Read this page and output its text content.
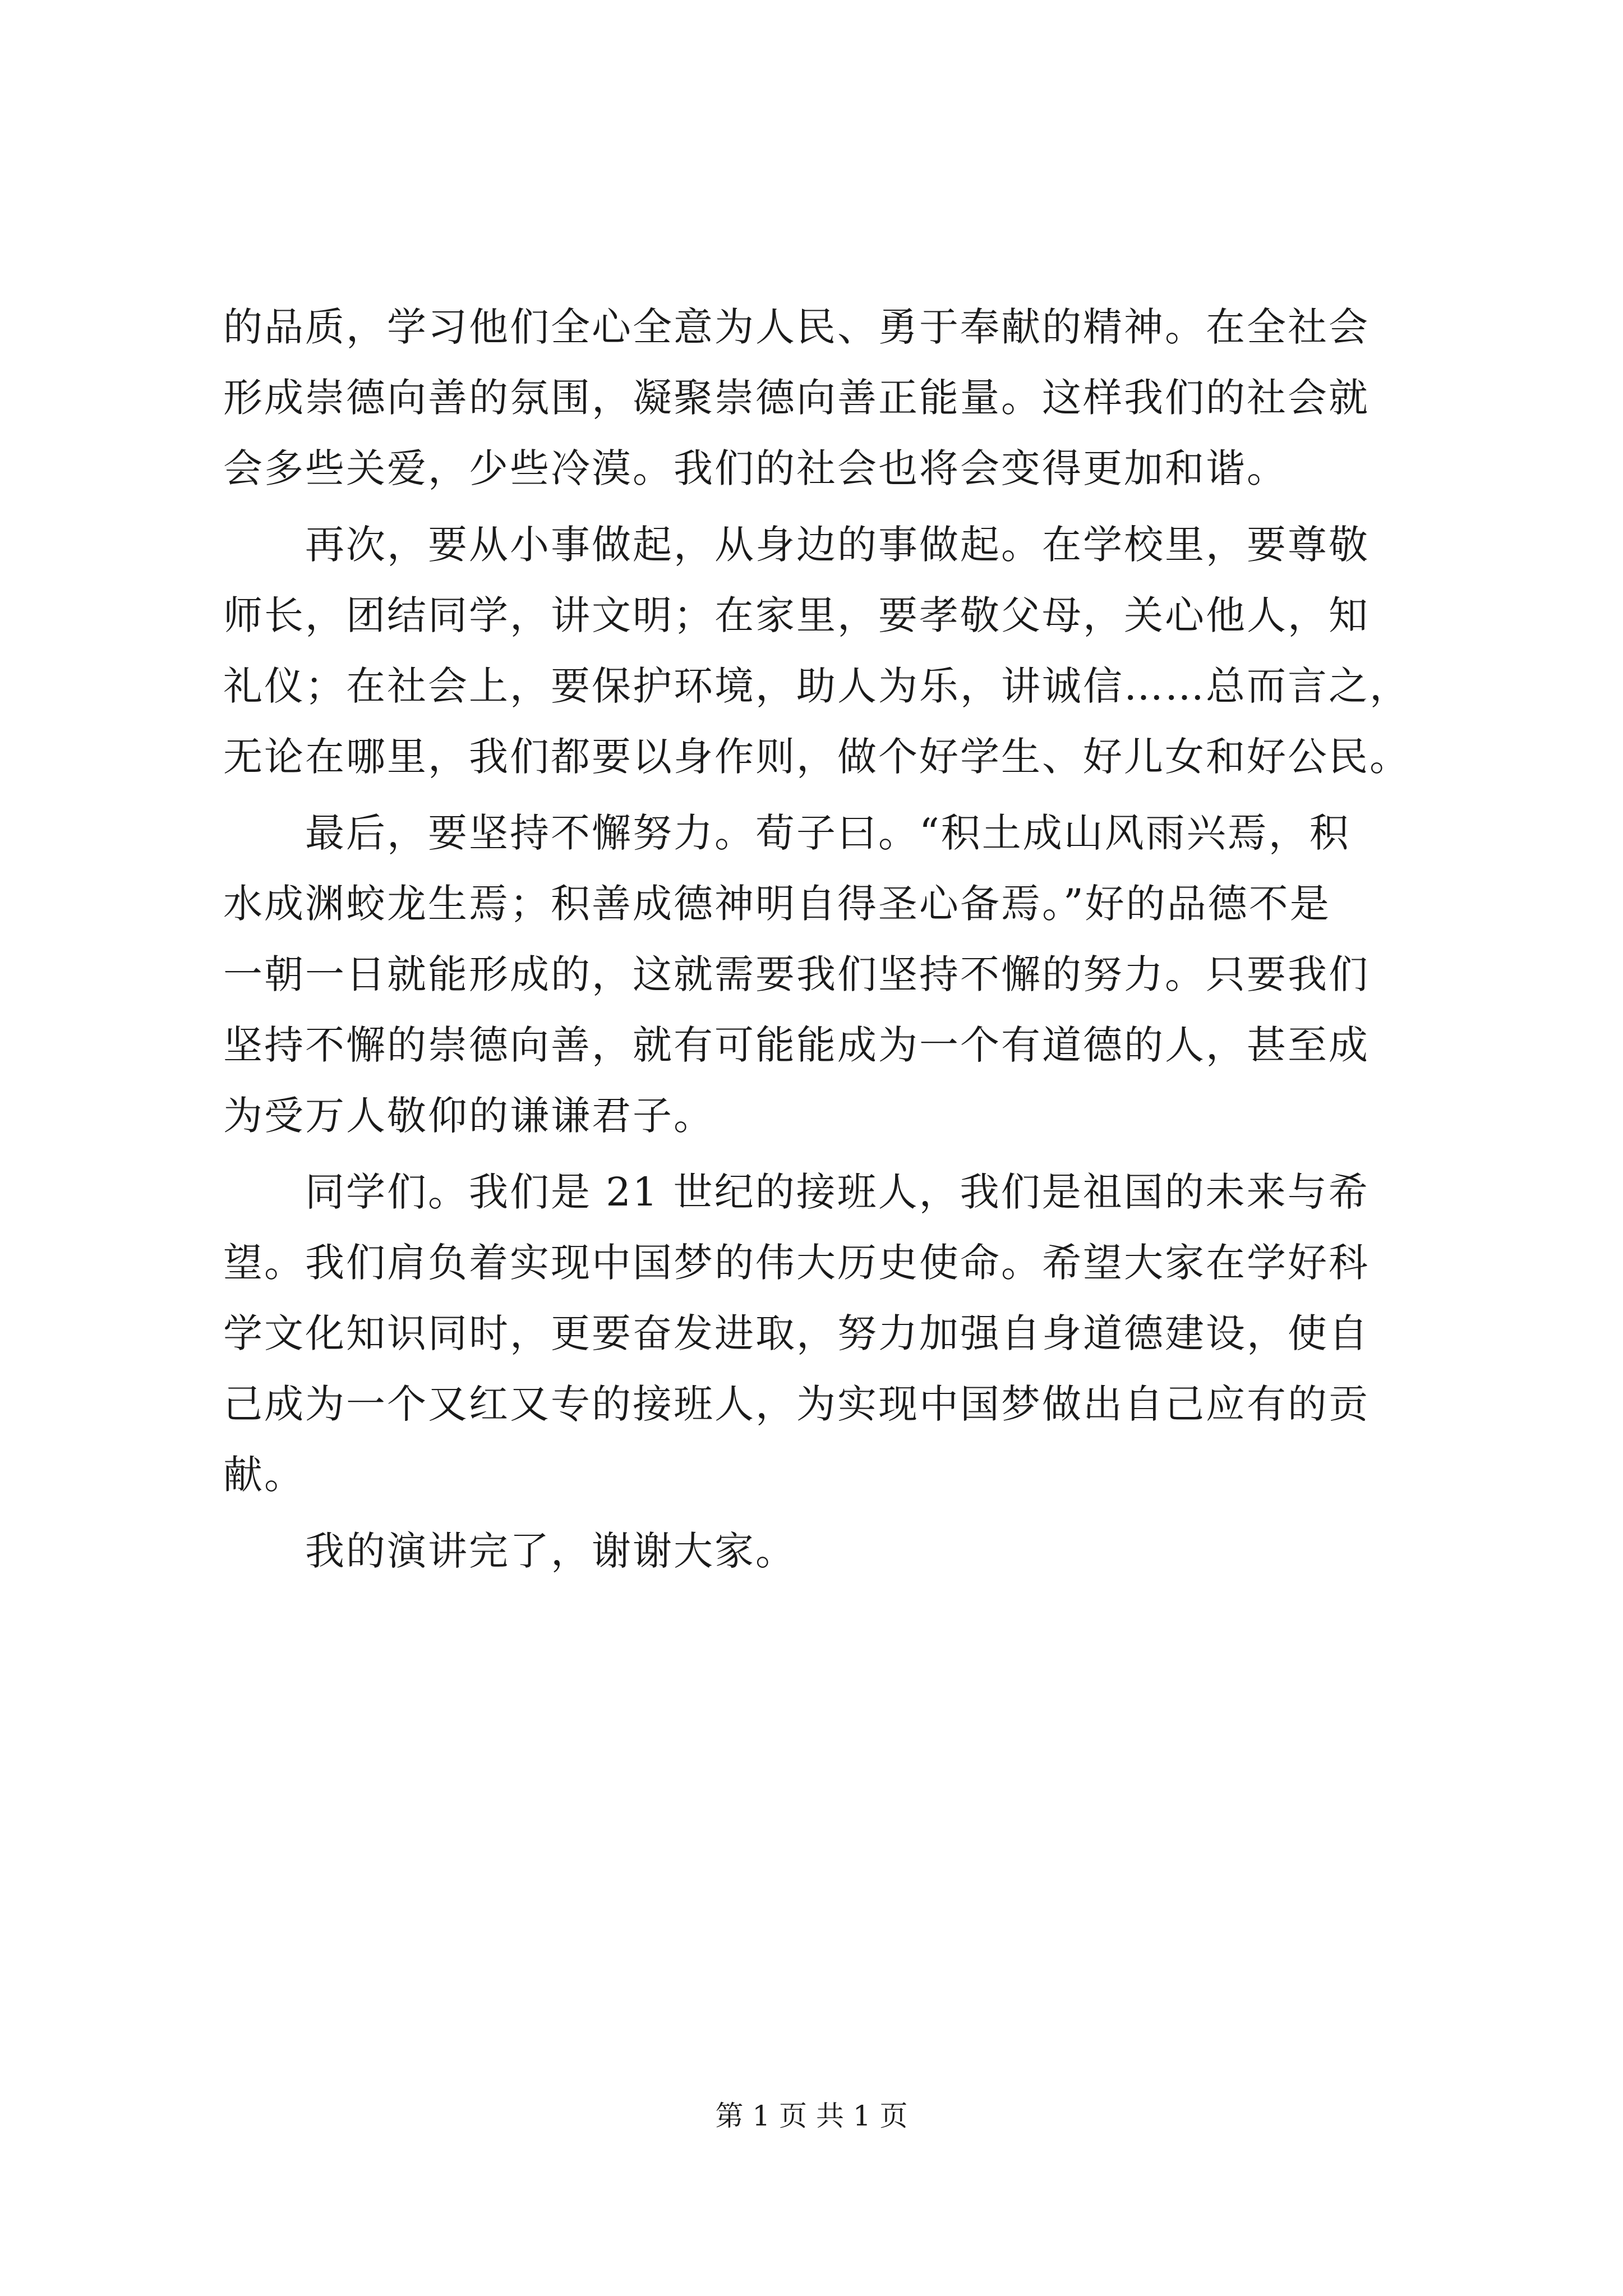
的品质，学习他们全心全意为人民、勇于奉献的精神。在全社会
形成崇德向善的氛围，凝聚崇德向善正能量。这样我们的社会就
会多些关爱，少些冷漠。我们的社会也将会变得更加和谐。
　　再次，要从小事做起，从身边的事做起。在学校里，要尊敬
师长，团结同学，讲文明；在家里，要孝敬父母，关心他人，知
礼仪；在社会上，要保护环境，助人为乐，讲诚信……总而言之，
无论在哪里，我们都要以身作则，做个好学生、好儿女和好公民。
　　最后，要坚持不懈努力。荀子曰。“积土成山风雨兴焉，积
水成渊蛟龙生焉；积善成德神明自得圣心备焉。”好的品德不是
一朝一日就能形成的，这就需要我们坚持不懈的努力。只要我们
坚持不懈的崇德向善，就有可能能成为一个有道德的人，甚至成
为受万人敬仰的谦谦君子。
　　同学们。我们是 21 世纪的接班人，我们是祖国的未来与希
望。我们肩负着实现中国梦的伟大历史使命。希望大家在学好科
学文化知识同时，更要奋发进取，努力加强自身道德建设，使自
己成为一个又红又专的接班人，为实现中国梦做出自己应有的贡
献。
　　我的演讲完了，谢谢大家。
第 1 页 共 1 页
